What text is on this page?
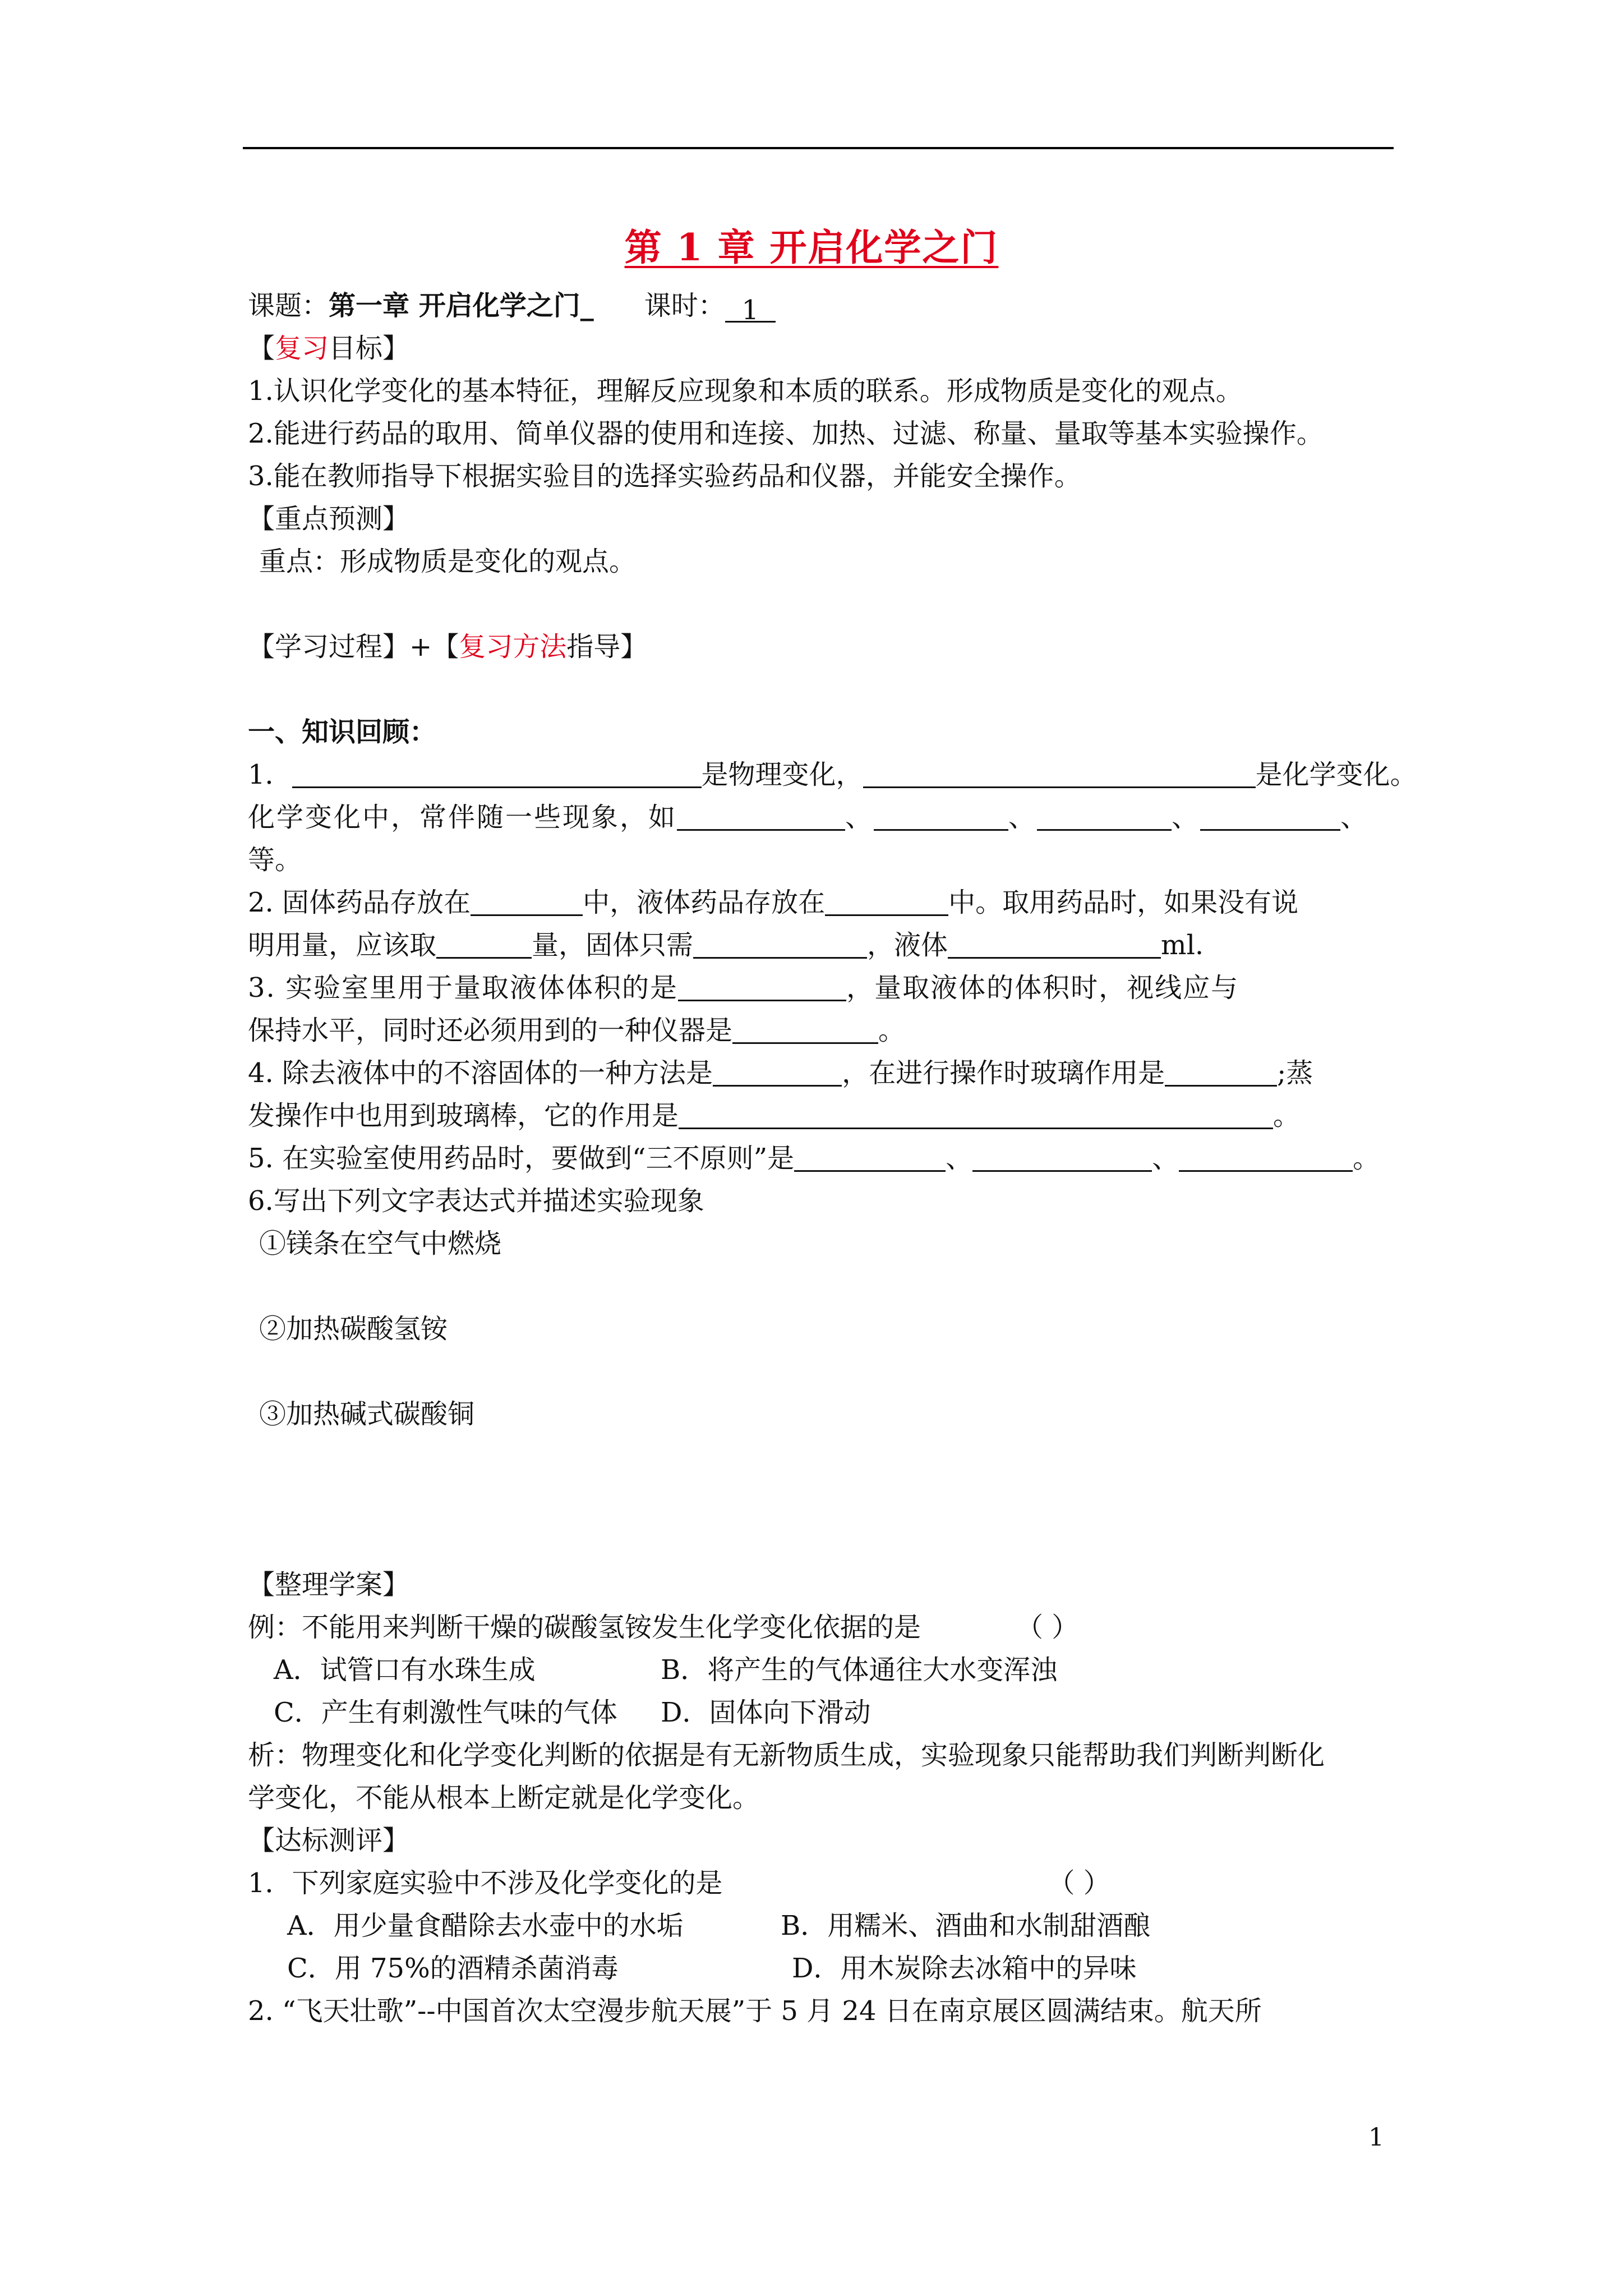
第 1 章 开启化学之门
课题：第一章 开启化学之门_ 课时： 1
【复习目标】
1.认识化学变化的基本特征，理解反应现象和本质的联系。形成物质是变化的观点。
2.能进行药品的取用、简单仪器的使用和连接、加热、过滤、称量、量取等基本实验操作。
3.能在教师指导下根据实验目的选择实验药品和仪器，并能安全操作。
【重点预测】
重点：形成物质是变化的观点。
【学习过程】+【复习方法指导】
一、知识回顾：
1．	是物理变化，	是化学变化。
化学变化中，常伴随一些现象，如	、	、	、	、
等。
2. 固体药品存放在	中，液体药品存放在	中。取用药品时，如果没有说
明用量，应该取	量，固体只需	，液体	ml.
3. 实验室里用于量取液体体积的是	，量取液体的体积时，视线应与
保持水平，同时还必须用到的一种仪器是	。
4. 除去液体中的不溶固体的一种方法是	，在进行操作时玻璃作用是	;蒸
发操作中也用到玻璃棒，它的作用是	。
5. 在实验室使用药品时，要做到“三不原则”是	、	、	。
6.写出下列文字表达式并描述实验现象
①镁条在空气中燃烧
②加热碳酸氢铵
③加热碱式碳酸铜
【整理学案】
例：不能用来判断干燥的碳酸氢铵发生化学变化依据的是	（ ）
A．试管口有水珠生成	B．将产生的气体通往大水变浑浊
C．产生有刺激性气味的气体 D．固体向下滑动
析：物理变化和化学变化判断的依据是有无新物质生成，实验现象只能帮助我们判断判断化
学变化，不能从根本上断定就是化学变化。
【达标测评】
1．下列家庭实验中不涉及化学变化的是	（ ）
A．用少量食醋除去水壶中的水垢	B．用糯米、酒曲和水制甜酒酿
C．用 75%的酒精杀菌消毒	D．用木炭除去冰箱中的异味
2. “飞天壮歌”--中国首次太空漫步航天展”于 5 月 24 日在南京展区圆满结束。航天所
1
